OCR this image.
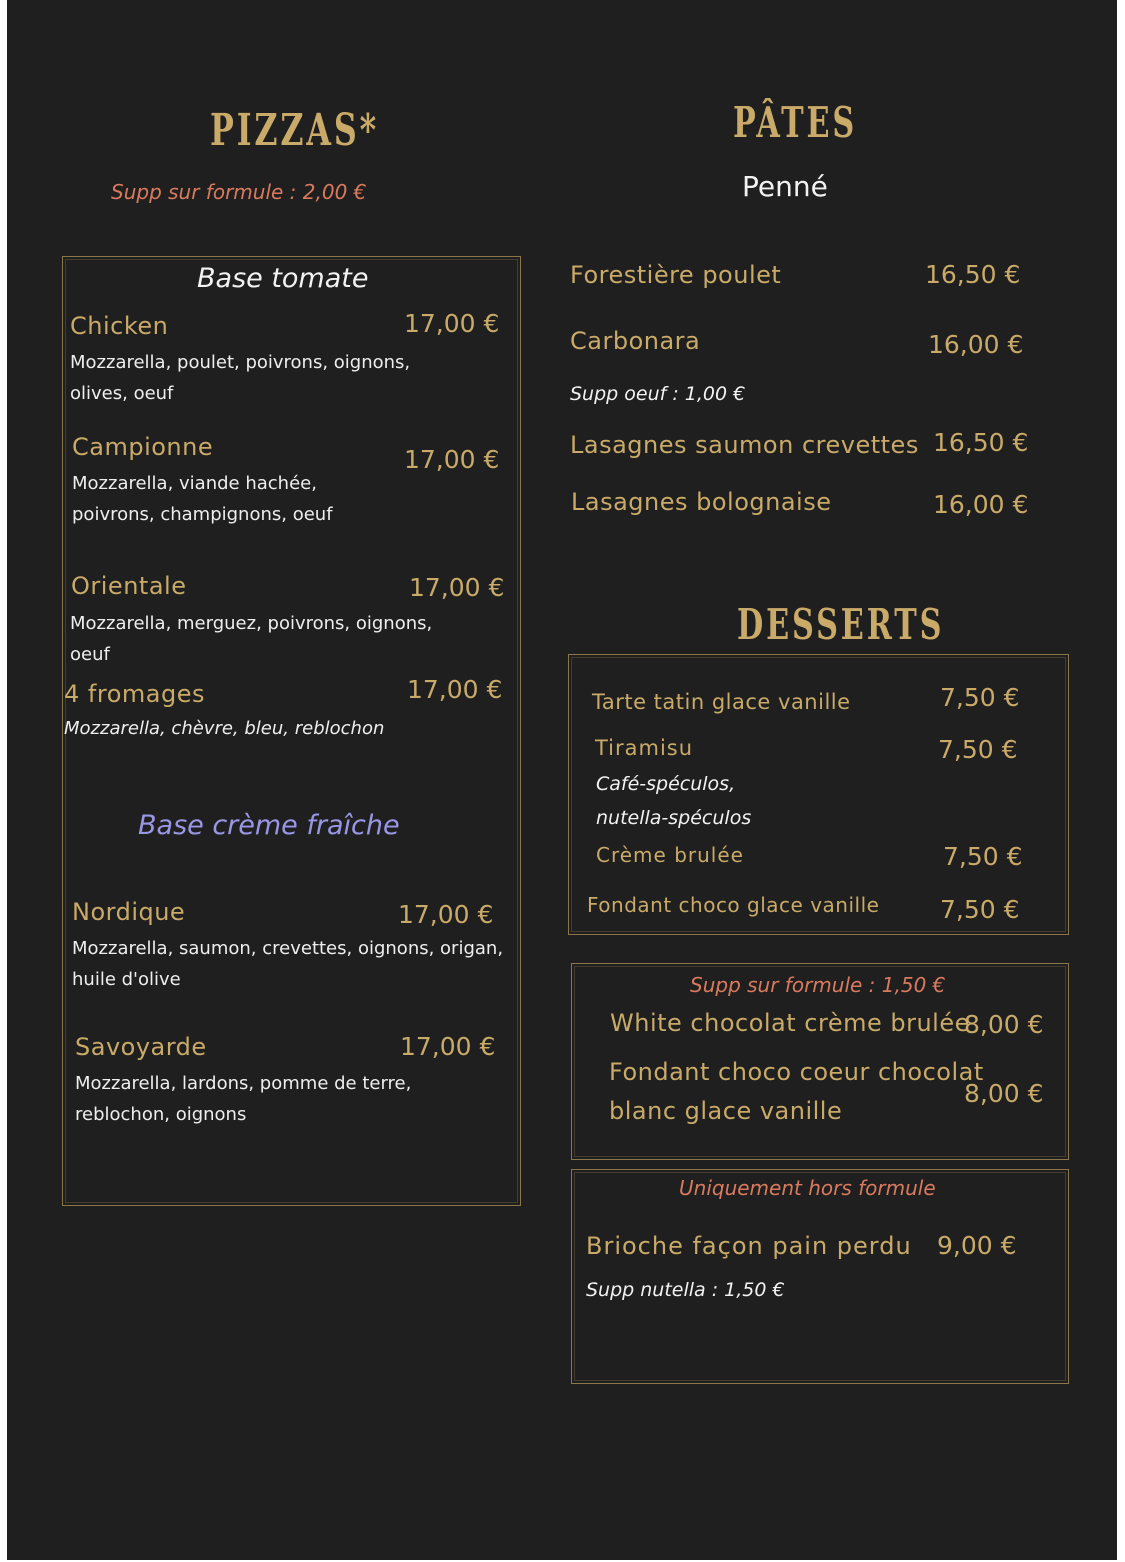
PIZZAS*
Supp sur formule : 2,00 €
Base tomate
Chicken	17,00 €
Mozzarella, poulet, poivrons, oignons, olives, oeuf
Campionne	17,00 €
Mozzarella, viande hachée, poivrons, champignons, oeuf
Orientale	17,00 €
Mozzarella, merguez, poivrons, oignons, oeuf
4 fromages	17,00 €
Mozzarella, chèvre, bleu, reblochon
Base crème fraîche
Nordique	17,00 €
Mozzarella, saumon, crevettes, oignons, origan, huile d'olive
Savoyarde	17,00 €
Mozzarella, lardons, pomme de terre, reblochon, oignons
PÂTES
Penné
Forestière poulet	16,50 €
Carbonara	16,00 €
Supp oeuf : 1,00 €
Lasagnes saumon crevettes 16,50 €
Lasagnes bolognaise	16,00 €
DESSERTS
Tarte tatin glace vanille	7,50 €
Tiramisu	7,50 €
Café-spéculos,
nutella-spéculos
Crème brulée	7,50 €
Fondant choco glace vanille 7,50 €
Supp sur formule : 1,50 €
White chocolat crème brulée
8,00 €
Fondant choco coeur chocolat
blanc glace vanille
8,00 €
Uniquement hors formule
Brioche façon pain perdu 9,00 €
Supp nutella : 1,50 €
